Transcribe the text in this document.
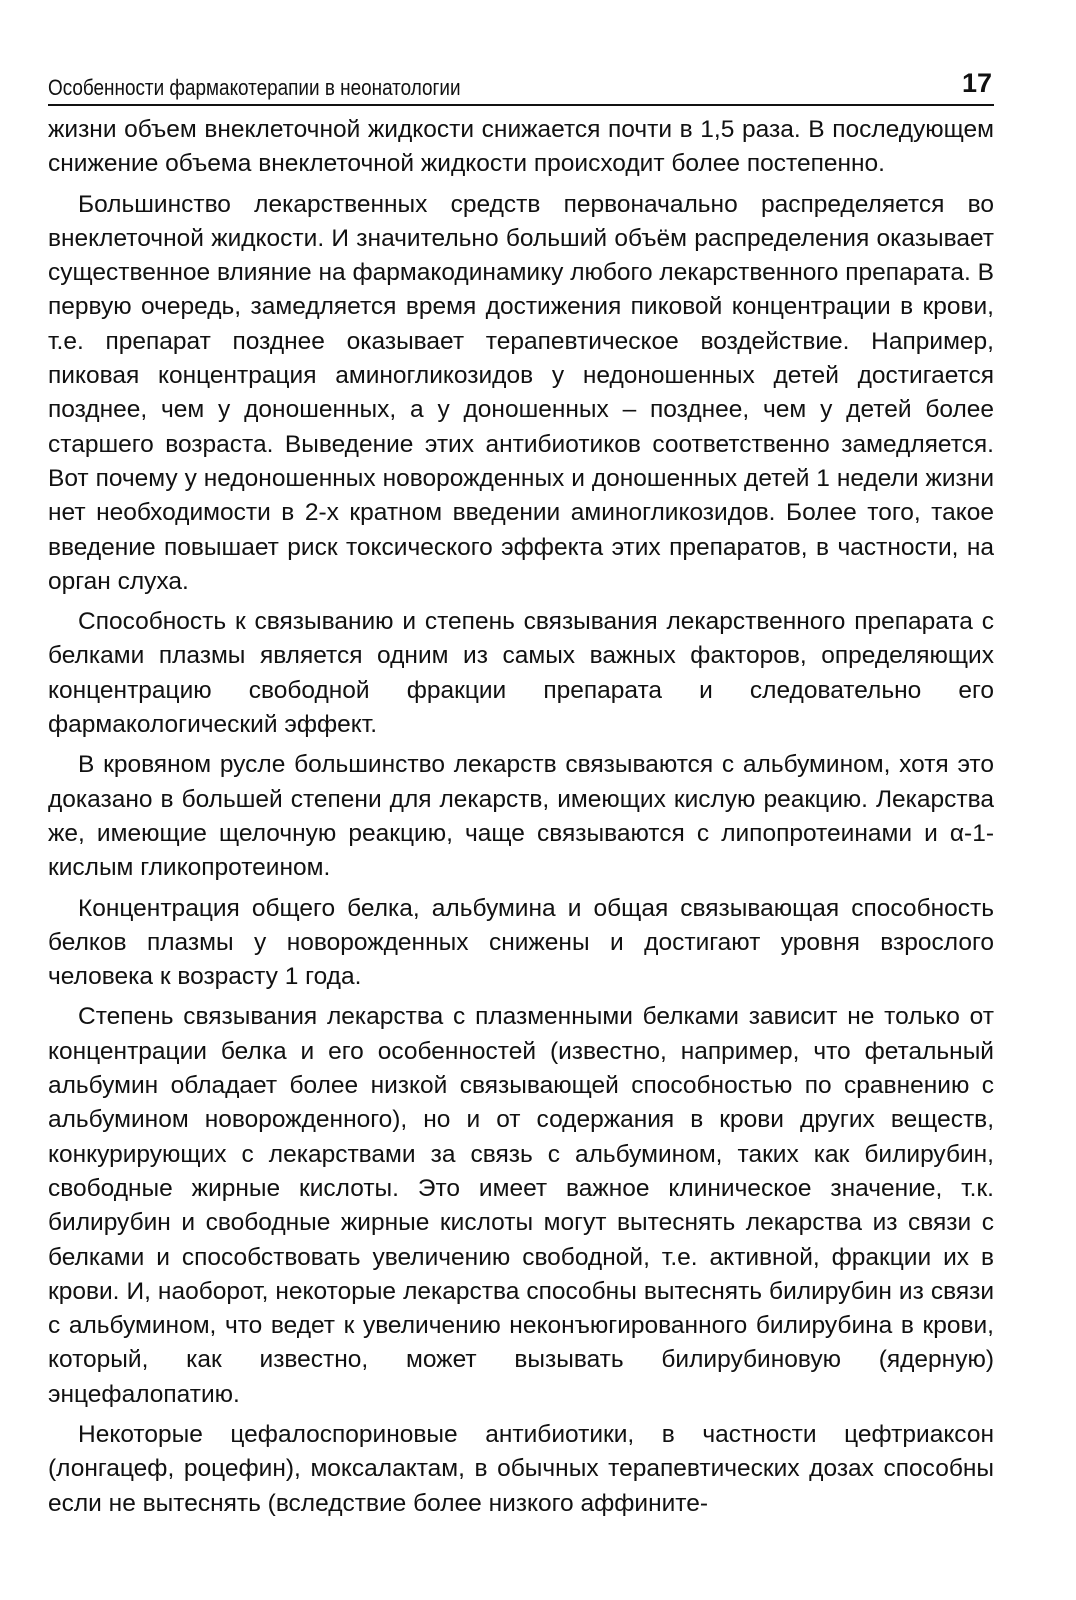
Особенности фармакотерапии в неонатологии	17

жизни объем внеклеточной жидкости снижается почти в 1,5 раза. В последующем снижение объема внеклеточной жидкости происходит более постепенно.

Большинство лекарственных средств первоначально распределяется во внеклеточной жидкости. И значительно больший объём распределения оказывает существенное влияние на фармакодинамику любого лекарственного препарата. В первую очередь, замедляется время достижения пиковой концентрации в крови, т.е. препарат позднее оказывает терапевтическое воздействие. Например, пиковая концентрация аминогликозидов у недоношенных детей достигается позднее, чем у доношенных, а у доношенных – позднее, чем у детей более старшего возраста. Выведение этих антибиотиков соответственно замедляется. Вот почему у недоношенных новорожденных и доношенных детей 1 недели жизни нет необходимости в 2-х кратном введении аминогликозидов. Более того, такое введение повышает риск токсического эффекта этих препаратов, в частности, на орган слуха.

Способность к связыванию и степень связывания лекарственного препарата с белками плазмы является одним из самых важных факторов, определяющих концентрацию свободной фракции препарата и следовательно его фармакологический эффект.

В кровяном русле большинство лекарств связываются с альбумином, хотя это доказано в большей степени для лекарств, имеющих кислую реакцию. Лекарства же, имеющие щелочную реакцию, чаще связываются с липопротеинами и α-1-кислым гликопротеином.

Концентрация общего белка, альбумина и общая связывающая способность белков плазмы у новорожденных снижены и достигают уровня взрослого человека к возрасту 1 года.

Степень связывания лекарства с плазменными белками зависит не только от концентрации белка и его особенностей (известно, например, что фетальный альбумин обладает более низкой связывающей способностью по сравнению с альбумином новорожденного), но и от содержания в крови других веществ, конкурирующих с лекарствами за связь с альбумином, таких как билирубин, свободные жирные кислоты. Это имеет важное клиническое значение, т.к. билирубин и свободные жирные кислоты могут вытеснять лекарства из связи с белками и способствовать увеличению свободной, т.е. активной, фракции их в крови. И, наоборот, некоторые лекарства способны вытеснять билирубин из связи с альбумином, что ведет к увеличению неконъюгированного билирубина в крови, который, как известно, может вызывать билирубиновую (ядерную) энцефалопатию.

Некоторые цефалоспориновые антибиотики, в частности цефтриаксон (лонгацеф, роцефин), моксалактам, в обычных терапевтических дозах способны если не вытеснять (вследствие более низкого аффините-
